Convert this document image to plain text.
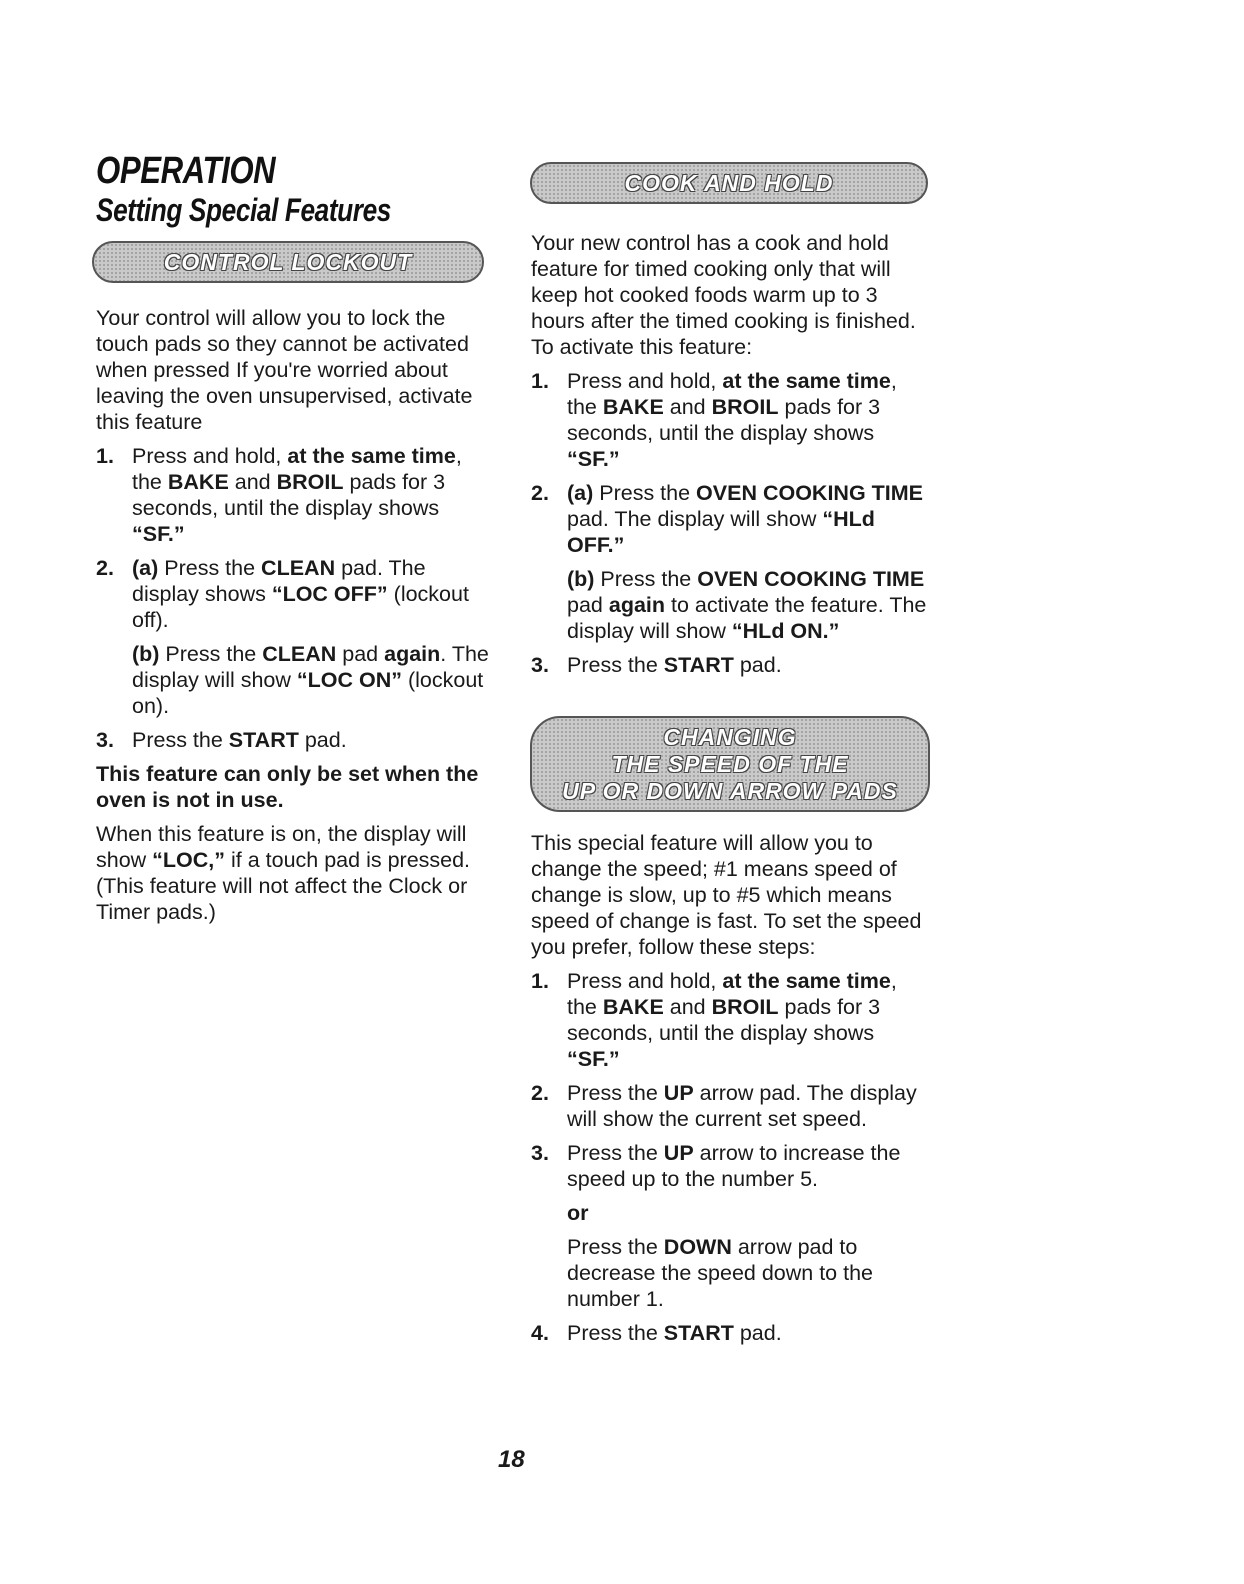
OPERATION
Setting Special Features
CONTROL LOCKOUT

Your control will allow you to lock the touch pads so they cannot be activated when pressed If you're worried about leaving the oven unsupervised, activate this feature

1. Press and hold, at the same time, the BAKE and BROIL pads for 3 seconds, until the display shows “SF.”
2. (a) Press the CLEAN pad. The display shows “LOC OFF” (lockout off).
(b) Press the CLEAN pad again. The display will show “LOC ON” (lockout on).
3. Press the START pad.

This feature can only be set when the oven is not in use.

When this feature is on, the display will show “LOC,” if a touch pad is pressed. (This feature will not affect the Clock or Timer pads.)

COOK AND HOLD

Your new control has a cook and hold feature for timed cooking only that will keep hot cooked foods warm up to 3 hours after the timed cooking is finished. To activate this feature:

1. Press and hold, at the same time, the BAKE and BROIL pads for 3 seconds, until the display shows “SF.”
2. (a) Press the OVEN COOKING TIME pad. The display will show “HLd OFF.”
(b) Press the OVEN COOKING TIME pad again to activate the feature. The display will show “HLd ON.”
3. Press the START pad.
CHANGING
THE SPEED OF THE
UP OR DOWN ARROW PADS

This special feature will allow you to change the speed; #1 means speed of change is slow, up to #5 which means speed of change is fast. To set the speed you prefer, follow these steps:

1. Press and hold, at the same time, the BAKE and BROIL pads for 3 seconds, until the display shows “SF.”
2. Press the UP arrow pad. The display will show the current set speed.
3. Press the UP arrow to increase the speed up to the number 5.
or
Press the DOWN arrow pad to decrease the speed down to the number 1.
4. Press the START pad.
18
